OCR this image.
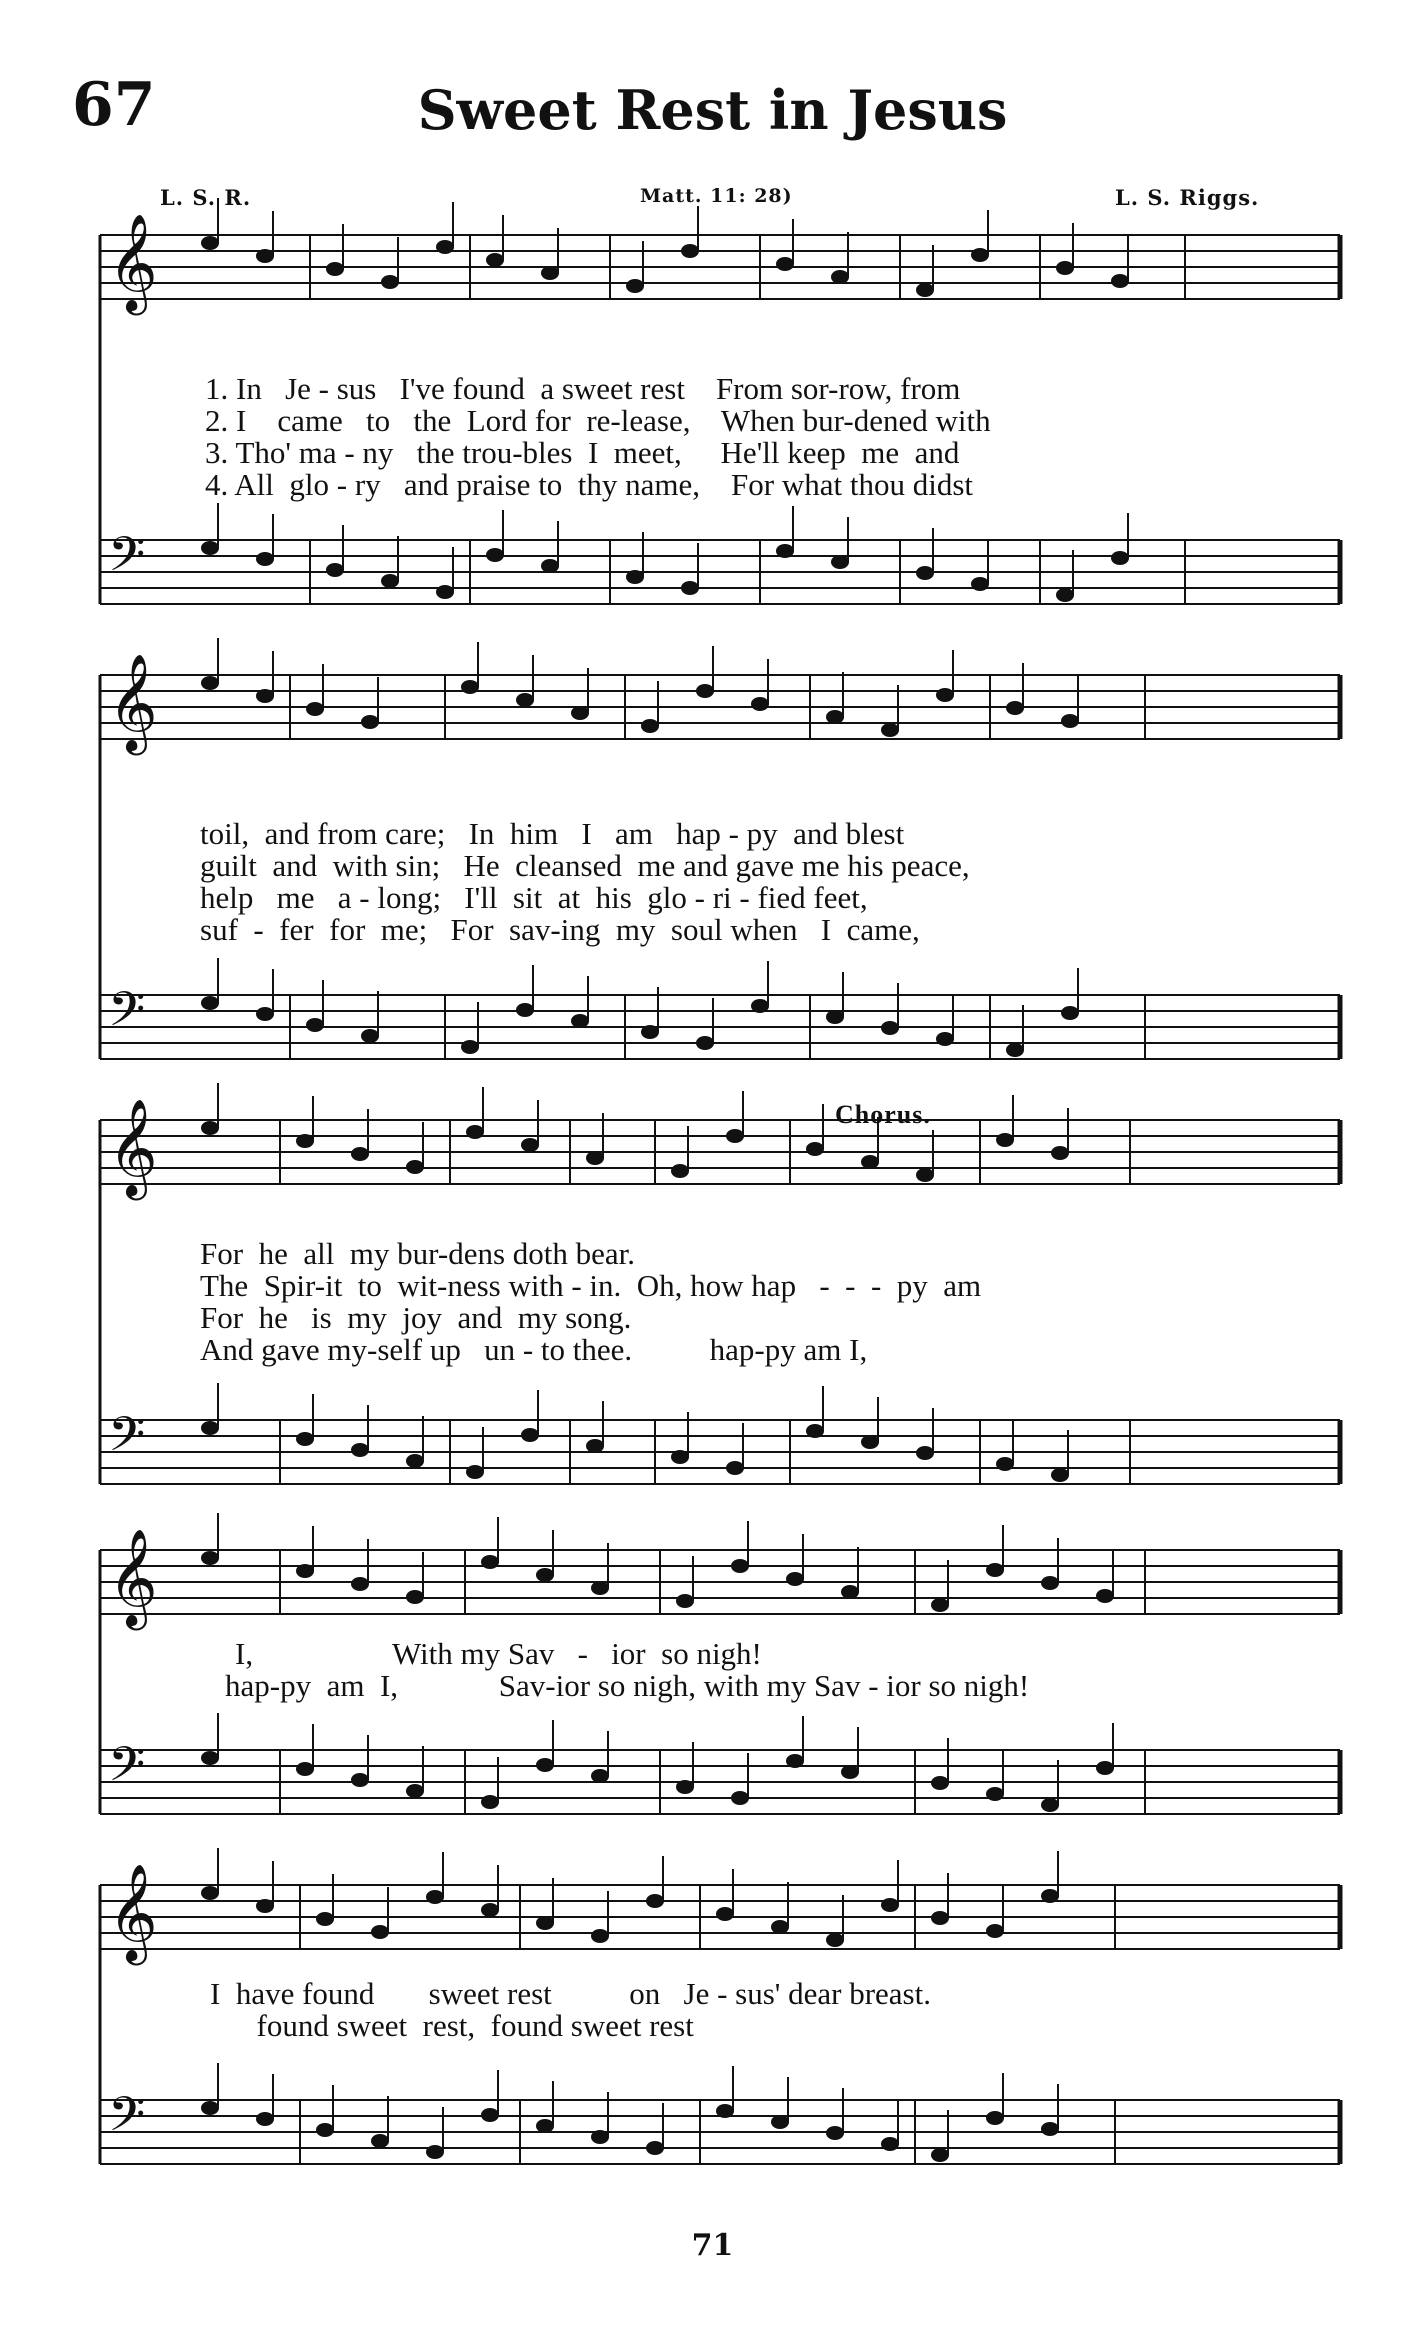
67	Sweet Rest in Jesus
L. S. R.	Matt. 11: 28)	L. S. Riggs.
𝄞
𝄢
1. In   Je - sus   I've found  a sweet rest    From sor-row, from
2. I    came   to   the  Lord for  re-lease,    When bur-dened with
3. Tho' ma - ny   the trou-bles  I  meet,     He'll keep  me  and
4. All  glo - ry   and praise to  thy name,    For what thou didst
𝄞
𝄢
toil,  and from care;   In  him   I   am   hap - py  and blest
guilt  and  with sin;   He  cleansed  me and gave me his peace,
help   me   a - long;   I'll  sit  at  his  glo - ri - fied feet,
suf  -  fer  for  me;   For  sav-ing  my  soul when   I  came,
𝄞
𝄢
Chorus.
For  he  all  my bur-dens doth bear.
The  Spir-it  to  wit-ness with - in.  Oh, how hap   -  -  -  py  am
For  he   is  my  joy  and  my song.
And gave my-self up   un - to thee.          hap-py am I,
𝄞
𝄢
I,                  With my Sav   -   ior  so nigh!
hap-py  am  I,             Sav-ior so nigh, with my Sav - ior so nigh!
𝄞
𝄢
I  have found       sweet rest          on   Je - sus' dear breast.
found sweet  rest,  found sweet rest
71
